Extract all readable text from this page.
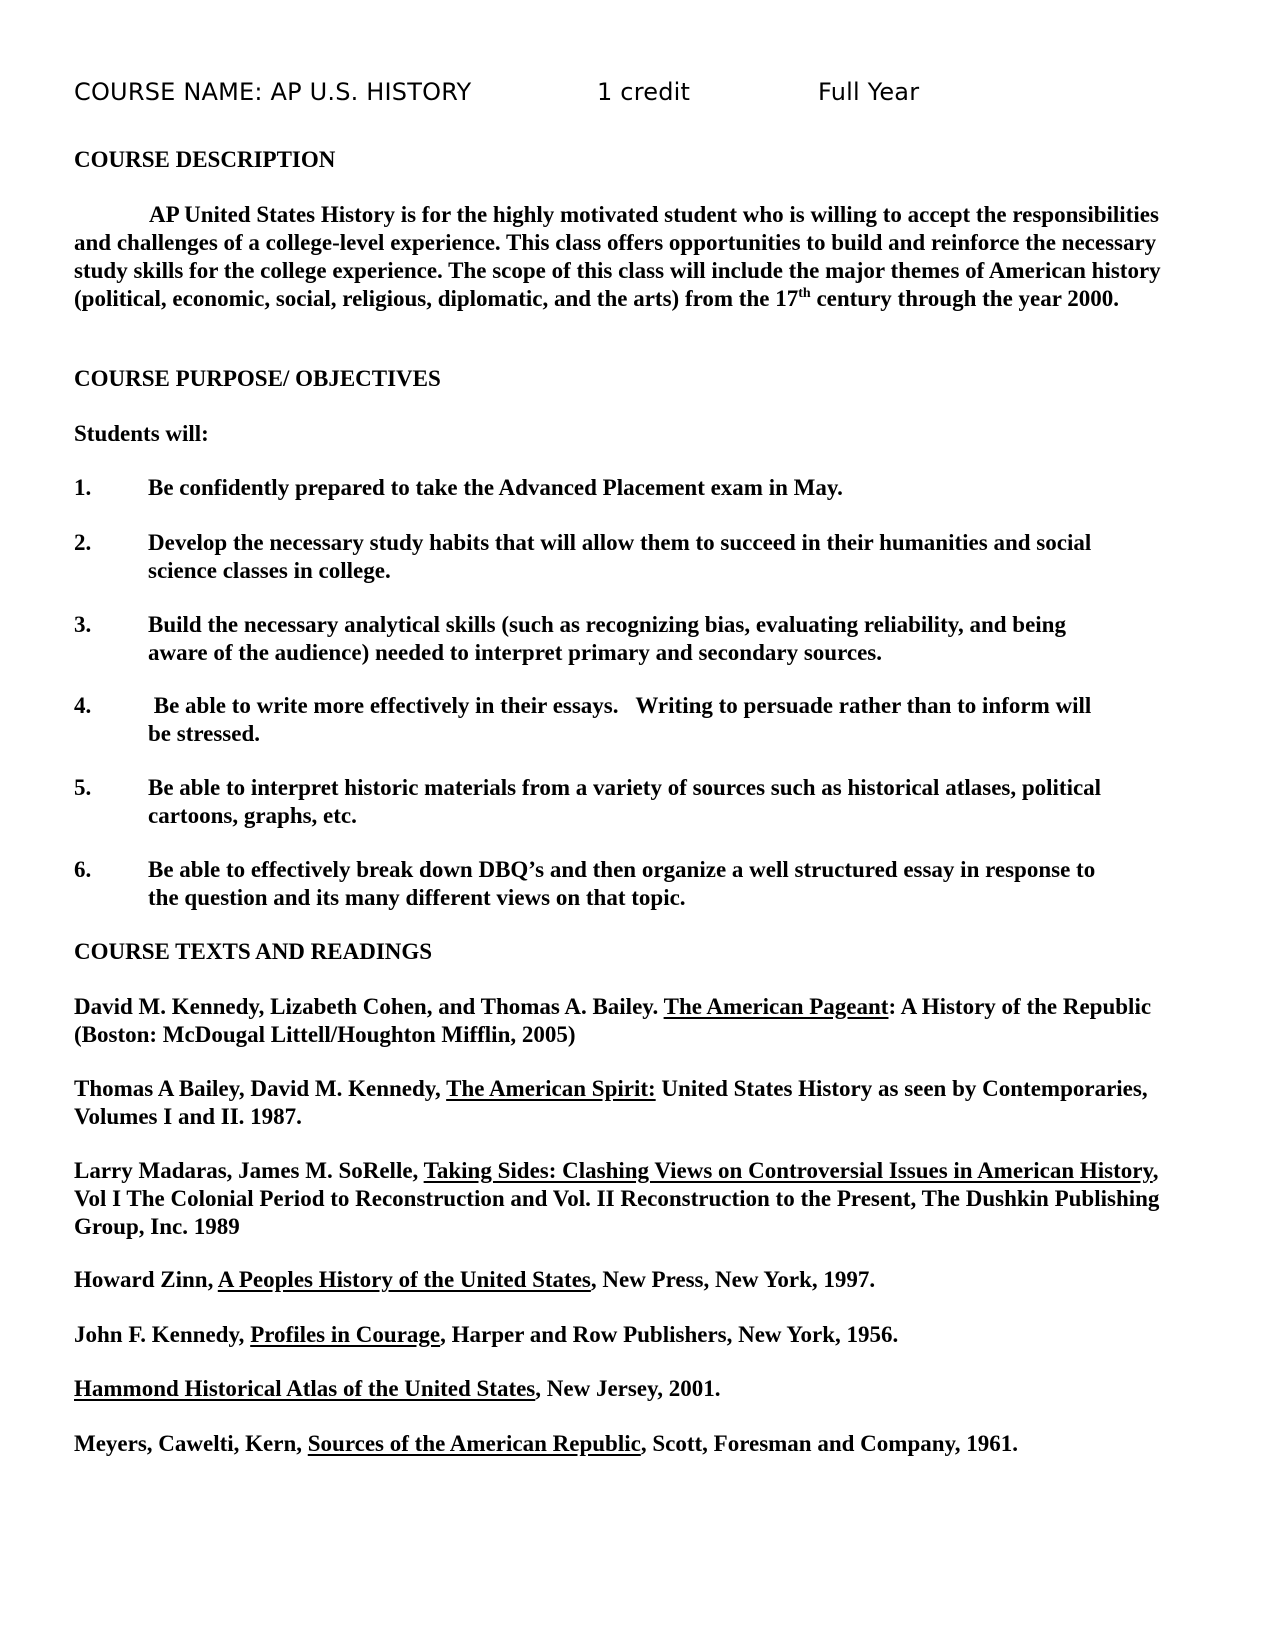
COURSE NAME: AP U.S. HISTORY	1 credit	Full Year
COURSE DESCRIPTION
AP United States History is for the highly motivated student who is willing to accept the responsibilities and challenges of a college-level experience. This class offers opportunities to build and reinforce the necessary study skills for the college experience. The scope of this class will include the major themes of American history (political, economic, social, religious, diplomatic, and the arts) from the 17th century through the year 2000.
COURSE PURPOSE/ OBJECTIVES
Students will:
1. Be confidently prepared to take the Advanced Placement exam in May.
2. Develop the necessary study habits that will allow them to succeed in their humanities and social science classes in college.
3. Build the necessary analytical skills (such as recognizing bias, evaluating reliability, and being aware of the audience) needed to interpret primary and secondary sources.
4. Be able to write more effectively in their essays.   Writing to persuade rather than to inform will be stressed.
5. Be able to interpret historic materials from a variety of sources such as historical atlases, political cartoons, graphs, etc.
6. Be able to effectively break down DBQ’s and then organize a well structured essay in response to the question and its many different views on that topic.
COURSE TEXTS AND READINGS
David M. Kennedy, Lizabeth Cohen, and Thomas A. Bailey. The American Pageant: A History of the Republic (Boston: McDougal Littell/Houghton Mifflin, 2005)
Thomas A Bailey, David M. Kennedy, The American Spirit: United States History as seen by Contemporaries, Volumes I and II. 1987.
Larry Madaras, James M. SoRelle, Taking Sides: Clashing Views on Controversial Issues in American History, Vol I The Colonial Period to Reconstruction and Vol. II Reconstruction to the Present, The Dushkin Publishing Group, Inc. 1989
Howard Zinn, A Peoples History of the United States, New Press, New York, 1997.
John F. Kennedy, Profiles in Courage, Harper and Row Publishers, New York, 1956.
Hammond Historical Atlas of the United States, New Jersey, 2001.
Meyers, Cawelti, Kern, Sources of the American Republic, Scott, Foresman and Company, 1961.
